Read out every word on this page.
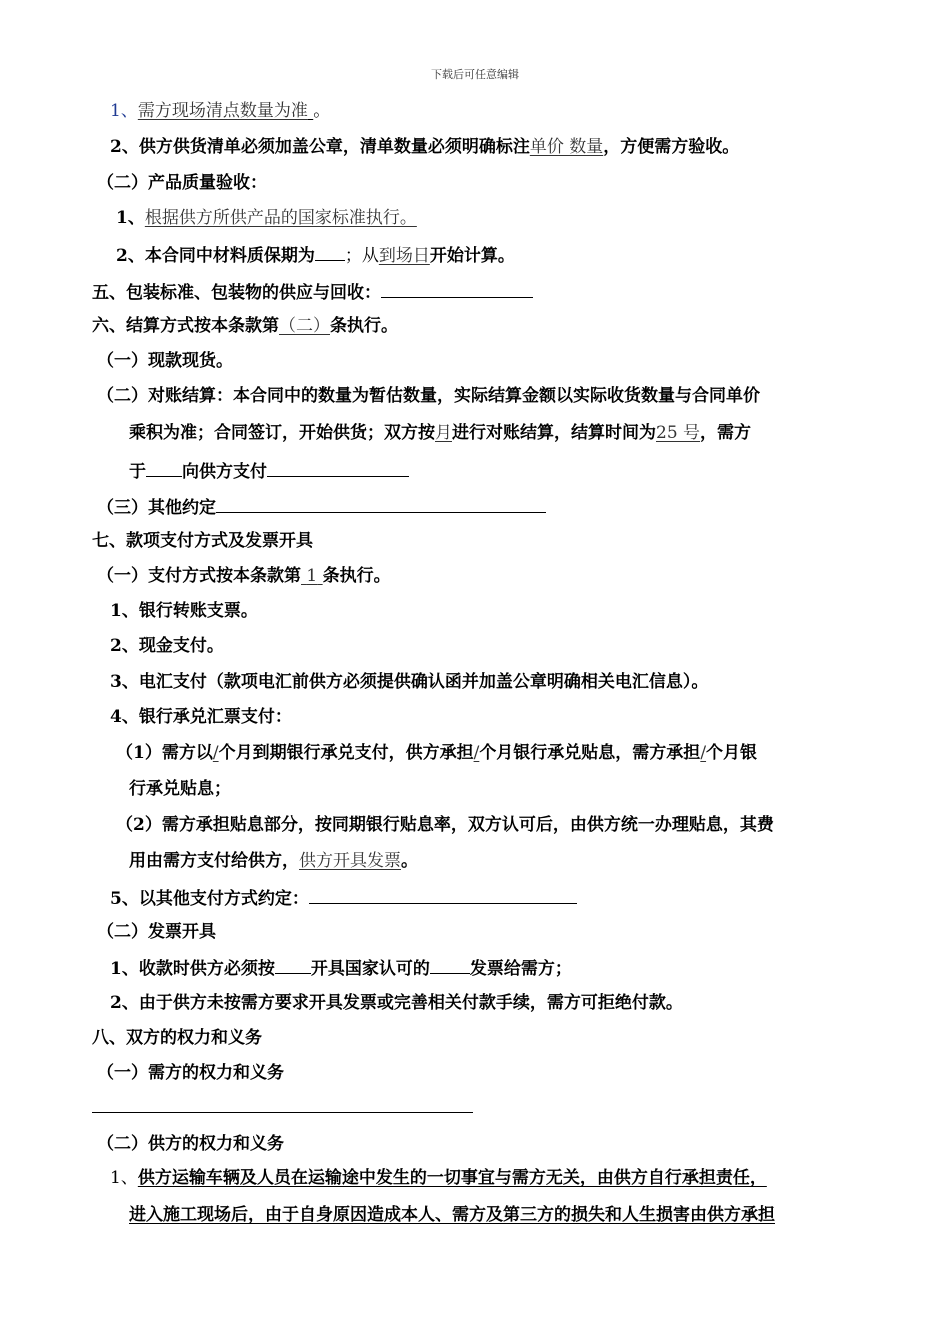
下载后可任意编辑
1、需方现场清点数量为准 。
2、供方供货清单必须加盖公章，清单数量必须明确标注单价 数量，方便需方验收。
（二）产品质量验收：
1、根据供方所供产品的国家标准执行。
2、本合同中材料质保期为 ；从到场日开始计算。
五、包装标准、包装物的供应与回收：
六、结算方式按本条款第（二）条执行。
（一）现款现货。
（二）对账结算：本合同中的数量为暂估数量，实际结算金额以实际收货数量与合同单价
乘积为准；合同签订，开始供货；双方按月进行对账结算，结算时间为25 号，需方
于 向供方支付
（三）其他约定
七、款项支付方式及发票开具
（一）支付方式按本条款第 1 条执行。
1、银行转账支票。
2、现金支付。
3、电汇支付（款项电汇前供方必须提供确认函并加盖公章明确相关电汇信息）。
4、银行承兑汇票支付：
（1）需方以/个月到期银行承兑支付，供方承担/个月银行承兑贴息，需方承担/个月银
行承兑贴息；
（2）需方承担贴息部分，按同期银行贴息率，双方认可后，由供方统一办理贴息，其费
用由需方支付给供方，供方开具发票。
5、以其他支付方式约定：
（二）发票开具
1、收款时供方必须按 开具国家认可的 发票给需方；
2、由于供方未按需方要求开具发票或完善相关付款手续，需方可拒绝付款。
八、双方的权力和义务
（一）需方的权力和义务
（二）供方的权力和义务
1、供方运输车辆及人员在运输途中发生的一切事宜与需方无关，由供方自行承担责任，
进入施工现场后，由于自身原因造成本人、需方及第三方的损失和人生损害由供方承担
